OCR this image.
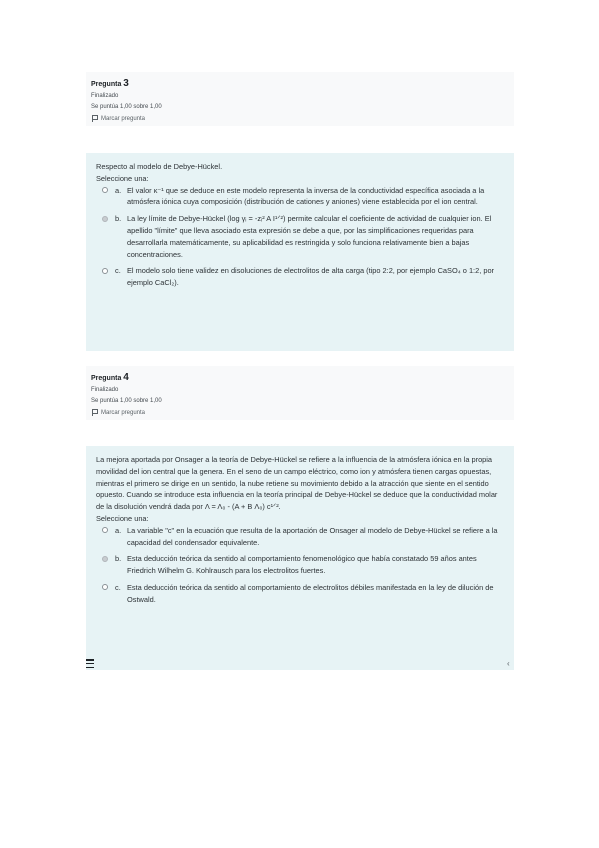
Pregunta 3

Finalizado

Se puntúa 1,00 sobre 1,00

Marcar pregunta

Respecto al modelo de Debye-Hückel.

Seleccione una:

a. El valor κ⁻¹ que se deduce en este modelo representa la inversa de la conductividad específica asociada a la atmósfera iónica cuya composición (distribución de cationes y aniones) viene establecida por el ion central.
b. La ley límite de Debye-Hückel (log γᵢ = -zᵢ² A I¹ᐟ²) permite calcular el coeficiente de actividad de cualquier ion. El apellido "límite" que lleva asociado esta expresión se debe a que, por las simplificaciones requeridas para desarrollarla matemáticamente, su aplicabilidad es restringida y solo funciona relativamente bien a bajas concentraciones.
c. El modelo solo tiene validez en disoluciones de electrolitos de alta carga (tipo 2:2, por ejemplo CaSO₄ o 1:2, por ejemplo CaCl₂).

Pregunta 4

Finalizado

Se puntúa 1,00 sobre 1,00

Marcar pregunta

La mejora aportada por Onsager a la teoría de Debye-Hückel se refiere a la influencia de la atmósfera iónica en la propia movilidad del ion central que la genera. En el seno de un campo eléctrico, como ion y atmósfera tienen cargas opuestas, mientras el primero se dirige en un sentido, la nube retiene su movimiento debido a la atracción que siente en el sentido opuesto. Cuando se introduce esta influencia en la teoría principal de Debye-Hückel se deduce que la conductividad molar de la disolución vendrá dada por Λ = Λ₀ - (A + B Λ₀) c¹ᐟ².

Seleccione una:

a. La variable "c" en la ecuación que resulta de la aportación de Onsager al modelo de Debye-Hückel se refiere a la capacidad del condensador equivalente.
b. Esta deducción teórica da sentido al comportamiento fenomenológico que había constatado 59 años antes Friedrich Wilhelm G. Kohlrausch para los electrolitos fuertes.
c. Esta deducción teórica da sentido al comportamiento de electrolitos débiles manifestada en la ley de dilución de Ostwald.
‹
